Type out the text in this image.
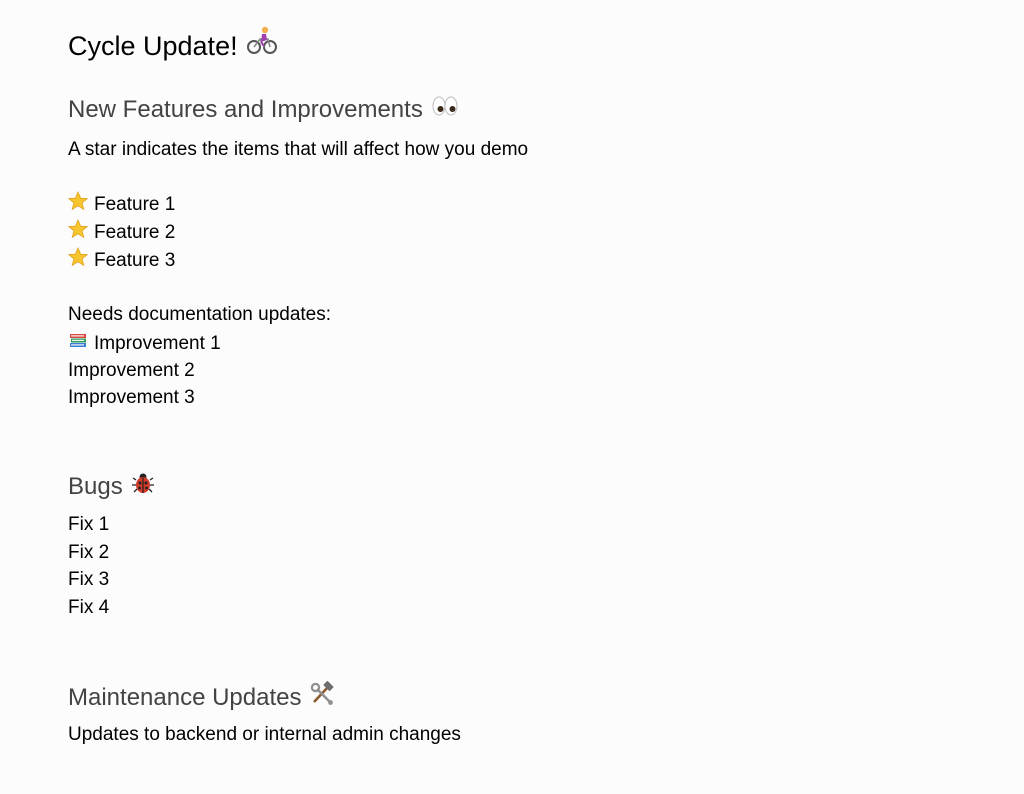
Cycle Update!
New Features and Improvements
A star indicates the items that will affect how you demo
Feature 1
Feature 2
Feature 3
Needs documentation updates:
Improvement 1
Improvement 2
Improvement 3
Bugs
Fix 1
Fix 2
Fix 3
Fix 4
Maintenance Updates
Updates to backend or internal admin changes
